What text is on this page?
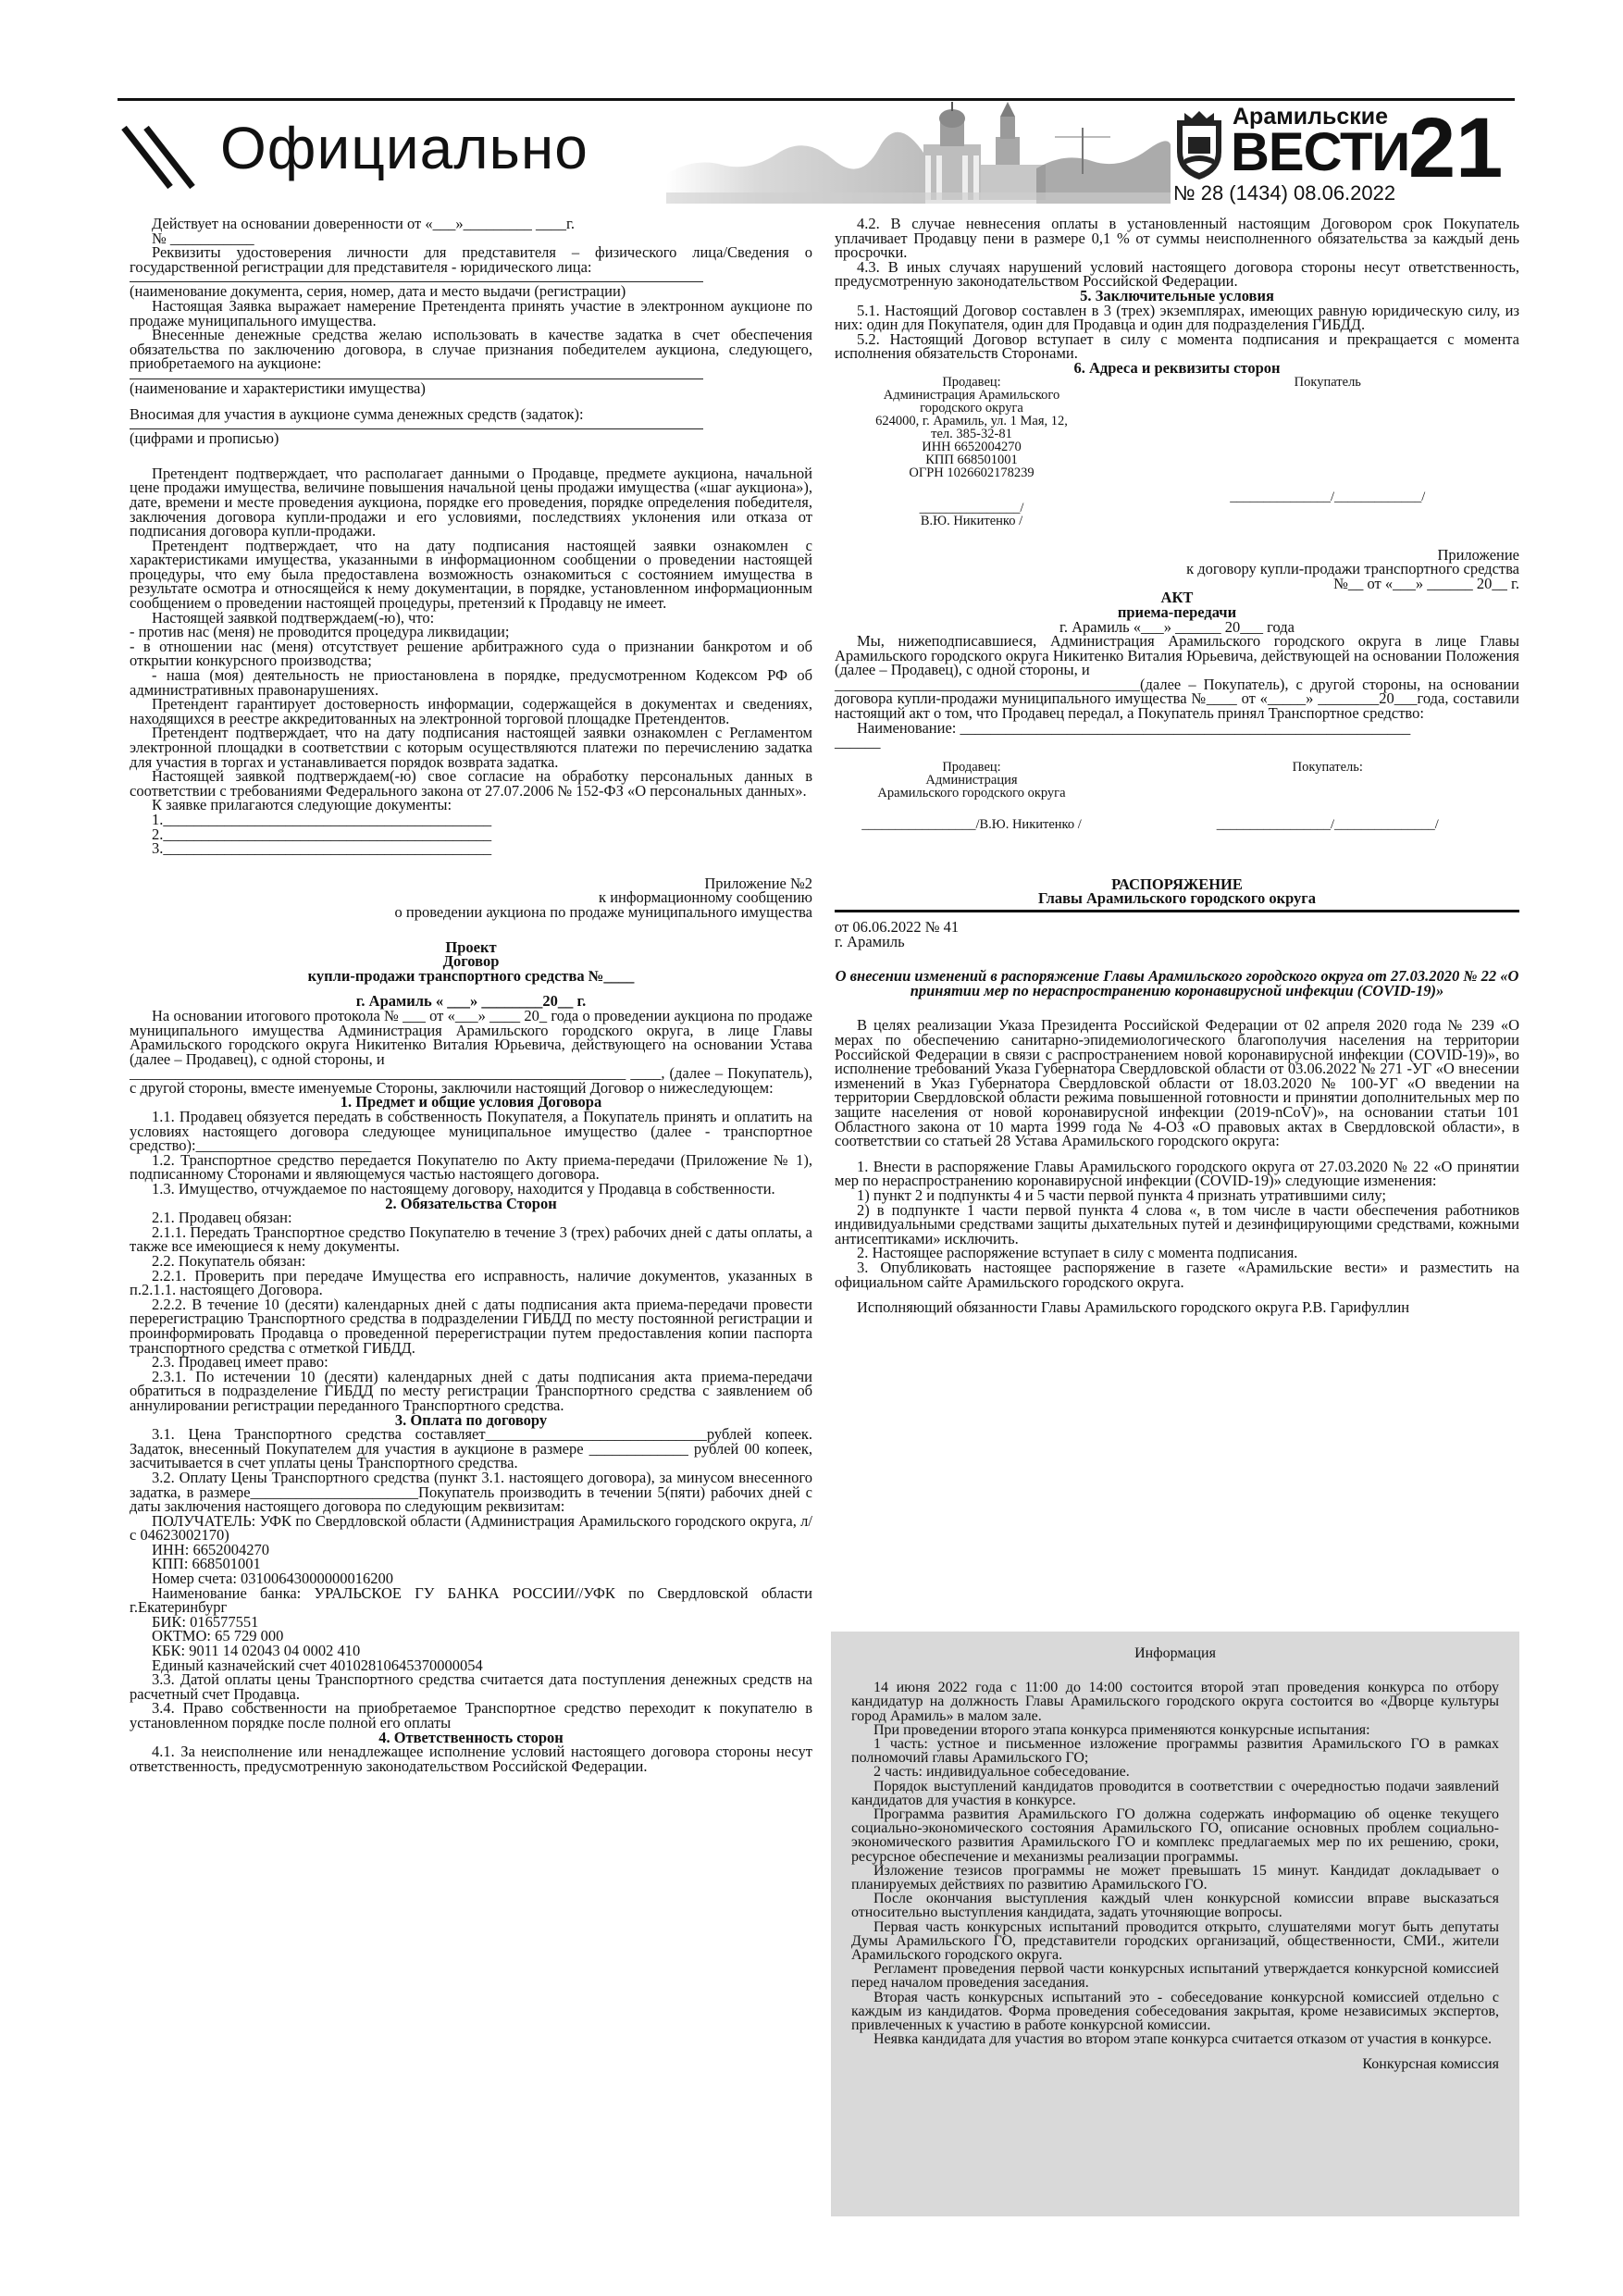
Официально	Арамильские
ВЕСТИ
21
№ 28 (1434) 08.06.2022

Действует на основании доверенности от «___»_________ ____г.

№ ___________

Реквизиты удостоверения личности для представителя – физического лица/Сведения о государственной регистрации для представителя - юридического лица:

(наименование документа, серия, номер, дата и место выдачи (регистрации)

Настоящая Заявка выражает намерение Претендента принять участие в электронном аукционе по продаже муниципального имущества.

Внесенные денежные средства желаю использовать в качестве задатка в счет обеспечения обязательства по заключению договора, в случае признания победителем аукциона, следующего, приобретаемого на аукционе:

(наименование и характеристики имущества)

Вносимая для участия в аукционе сумма денежных средств (задаток):

(цифрами и прописью)

Претендент подтверждает, что располагает данными о Продавце, предмете аукциона, начальной цене продажи имущества, величине повышения начальной цены продажи имущества («шаг аукциона»), дате, времени и месте проведения аукциона, порядке его проведения, порядке определения победителя, заключения договора купли-продажи и его условиями, последствиях уклонения или отказа от подписания договора купли-продажи.

Претендент подтверждает, что на дату подписания настоящей заявки ознакомлен с характеристиками имущества, указанными в информационном сообщении о проведении настоящей процедуры, что ему была предоставлена возможность ознакомиться с состоянием имущества в результате осмотра и относящейся к нему документации, в порядке, установленном информационным сообщением о проведении настоящей процедуры, претензий к Продавцу не имеет.

Настоящей заявкой подтверждаем(-ю), что:

- против нас (меня) не проводится процедура ликвидации;

- в отношении нас (меня) отсутствует решение арбитражного суда о признании банкротом и об открытии конкурсного производства;

- наша (моя) деятельность не приостановлена в порядке, предусмотренном Кодексом РФ об административных правонарушениях.

Претендент гарантирует достоверность информации, содержащейся в документах и сведениях, находящихся в реестре аккредитованных на электронной торговой площадке Претендентов.

Претендент подтверждает, что на дату подписания настоящей заявки ознакомлен с Регламентом электронной площадки в соответствии с которым осуществляются платежи по перечислению задатка для участия в торгах и устанавливается порядок возврата задатка.

Настоящей заявкой подтверждаем(-ю) свое согласие на обработку персональных данных в соответствии с требованиями Федерального закона от 27.07.2006 № 152-ФЗ «О персональных данных».

К заявке прилагаются следующие документы:

1.___________________________________________

2.___________________________________________

3.___________________________________________

Приложение №2

к информационному сообщению

о проведении аукциона по продаже муниципального имущества

Проект

Договор

купли-продажи транспортного средства №____

г. Арамиль « ___» ________20__ г.

На основании итогового протокола № ___ от «___» ____ 20_ года о проведении аукциона по продаже муниципального имущества Администрация Арамильского городского округа, в лице Главы Арамильского городского округа Никитенко Виталия Юрьевича, действующего на основании Устава (далее – Продавец), с одной стороны, и

_________________________________________________________________ ____, (далее – Покупатель), с другой стороны, вместе именуемые Стороны, заключили настоящий Договор о нижеследующем:

1. Предмет и общие условия Договора

1.1. Продавец обязуется передать в собственность Покупателя, а Покупатель принять и оплатить на условиях настоящего договора следующее муниципальное имущество (далее - транспортное средство):_______________________

1.2. Транспортное средство передается Покупателю по Акту приема-передачи (Приложение № 1), подписанному Сторонами и являющемуся частью настоящего договора.

1.3. Имущество, отчуждаемое по настоящему договору, находится у Продавца в собственности.

2. Обязательства Сторон

2.1. Продавец обязан:

2.1.1. Передать Транспортное средство Покупателю в течение 3 (трех) рабочих дней с даты оплаты, а также все имеющиеся к нему документы.

2.2. Покупатель обязан:

2.2.1. Проверить при передаче Имущества его исправность, наличие документов, указанных в п.2.1.1. настоящего Договора.

2.2.2. В течение 10 (десяти) календарных дней с даты подписания акта приема-передачи провести перерегистрацию Транспортного средства в подразделении ГИБДД по месту постоянной регистрации и проинформировать Продавца о проведенной перерегистрации путем предоставления копии паспорта транспортного средства с отметкой ГИБДД.

2.3. Продавец имеет право:

2.3.1. По истечении 10 (десяти) календарных дней с даты подписания акта приема-передачи обратиться в подразделение ГИБДД по месту регистрации Транспортного средства с заявлением об аннулировании регистрации переданного Транспортного средства.

3. Оплата по договору

3.1. Цена Транспортного средства составляет_____________________________рублей копеек. Задаток, внесенный Покупателем для участия в аукционе в размере _____________ рублей 00 копеек, засчитывается в счет уплаты цены Транспортного средства.

3.2. Оплату Цены Транспортного средства (пункт 3.1. настоящего договора), за минусом внесенного задатка, в размере______________________Покупатель производить в течении 5(пяти) рабочих дней с даты заключения настоящего договора по следующим реквизитам:

ПОЛУЧАТЕЛЬ: УФК по Свердловской области (Администрация Арамильского городского округа, л/с 04623002170)

ИНН: 6652004270

КПП: 668501001

Номер счета: 03100643000000016200

Наименование банка: УРАЛЬСКОЕ ГУ БАНКА РОССИИ//УФК по Свердловской области г.Екатеринбург

БИК: 016577551

ОКТМО: 65 729 000

КБК: 9011 14 02043 04 0002 410

Единый казначейский счет 40102810645370000054

3.3. Датой оплаты цены Транспортного средства считается дата поступления денежных средств на расчетный счет Продавца.

3.4. Право собственности на приобретаемое Транспортное средство переходит к покупателю в установленном порядке после полной его оплаты

4. Ответственность сторон

4.1. За неисполнение или ненадлежащее исполнение условий настоящего договора стороны несут ответственность, предусмотренную законодательством Российской Федерации.

4.2. В случае невнесения оплаты в установленный настоящим Договором срок Покупатель уплачивает Продавцу пени в размере 0,1 % от суммы неисполненного обязательства за каждый день просрочки.

4.3. В иных случаях нарушений условий настоящего договора стороны несут ответственность, предусмотренную законодательством Российской Федерации.

5. Заключительные условия

5.1. Настоящий Договор составлен в 3 (трех) экземплярах, имеющих равную юридическую силу, из них: один для Покупателя, один для Продавца и один для подразделения ГИБДД.

5.2. Настоящий Договор вступает в силу с момента подписания и прекращается с момента исполнения обязательств Сторонами.

6. Адреса и реквизиты сторон

Продавец:
Администрация Арамильского
городского округа
624000, г. Арамиль, ул. 1 Мая, 12,
тел. 385-32-81
ИНН 6652004270
КПП 668501001
ОГРН 1026602178239
_______________/
В.Ю. Никитенко /
Покупатель
_______________/_____________/

Приложение

к договору купли-продажи транспортного средства

№__ от «___» ______ 20__ г.

АКТ

приема-передачи

г. Арамиль «___» ______ 20___ года

Мы, нижеподписавшиеся, Администрация Арамильского городского округа в лице Главы Арамильского городского округа Никитенко Виталия Юрьевича, действующей на основании Положения (далее – Продавец), с одной стороны, и

________________________________________(далее – Покупатель), с другой стороны, на основании договора купли-продажи муниципального имущества №____ от «_____» ________20___года, составили настоящий акт о том, что Продавец передал, а Покупатель принял Транспортное средство:

Наименование: ___________________________________________________________

______

Продавец:
Администрация
Арамильского городского округа
_________________/В.Ю. Никитенко /
Покупатель:
_________________/_______________/

РАСПОРЯЖЕНИЕ

Главы Арамильского городского округа

от 06.06.2022 № 41

г. Арамиль

О внесении изменений в распоряжение Главы Арамильского городского округа от 27.03.2020 № 22 «О принятии мер по нераспространению коронавирусной инфекции (COVID-19)»

В целях реализации Указа Президента Российской Федерации от 02 апреля 2020 года № 239 «О мерах по обеспечению санитарно-эпидемиологического благополучия населения на территории Российской Федерации в связи с распространением новой коронавирусной инфекции (COVID-19)», во исполнение требований Указа Губернатора Свердловской области от 03.06.2022 № 271 -УГ «О внесении изменений в Указ Губернатора Свердловской области от 18.03.2020 № 100-УГ «О введении на территории Свердловской области режима повышенной готовности и принятии дополнительных мер по защите населения от новой коронавирусной инфекции (2019-nCoV)», на основании статьи 101 Областного закона от 10 марта 1999 года № 4-ОЗ «О правовых актах в Свердловской области», в соответствии со статьей 28 Устава Арамильского городского округа:

1. Внести в распоряжение Главы Арамильского городского округа от 27.03.2020 № 22 «О принятии мер по нераспространению коронавирусной инфекции (COVID-19)» следующие изменения:

1) пункт 2 и подпункты 4 и 5 части первой пункта 4 признать утратившими силу;

2) в подпункте 1 части первой пункта 4 слова «, в том числе в части обеспечения работников индивидуальными средствами защиты дыхательных путей и дезинфицирующими средствами, кожными антисептиками» исключить.

2. Настоящее распоряжение вступает в силу с момента подписания.

3. Опубликовать настоящее распоряжение в газете «Арамильские вести» и разместить на официальном сайте Арамильского городского округа.

Исполняющий обязанности Главы Арамильского городского округа Р.В. Гарифуллин

Информация

14 июня 2022 года с 11:00 до 14:00 состоится второй этап проведения конкурса по отбору кандидатур на должность Главы Арамильского городского округа состоится во «Дворце культуры город Арамиль» в малом зале.

При проведении второго этапа конкурса применяются конкурсные испытания:

1 часть: устное и письменное изложение программы развития Арамильского ГО в рамках полномочий главы Арамильского ГО;

2 часть: индивидуальное собеседование.

Порядок выступлений кандидатов проводится в соответствии с очередностью подачи заявлений кандидатов для участия в конкурсе.

Программа развития Арамильского ГО должна содержать информацию об оценке текущего социально-экономического состояния Арамильского ГО, описание основных проблем социально-экономического развития Арамильского ГО и комплекс предлагаемых мер по их решению, сроки, ресурсное обеспечение и механизмы реализации программы.

Изложение тезисов программы не может превышать 15 минут. Кандидат докладывает о планируемых действиях по развитию Арамильского ГО.

После окончания выступления каждый член конкурсной комиссии вправе высказаться относительно выступления кандидата, задать уточняющие вопросы.

Первая часть конкурсных испытаний проводится открыто, слушателями могут быть депутаты Думы Арамильского ГО, представители городских организаций, общественности, СМИ., жители Арамильского городского округа.

Регламент проведения первой части конкурсных испытаний утверждается конкурсной комиссией перед началом проведения заседания.

Вторая часть конкурсных испытаний это - собеседование конкурсной комиссией отдельно с каждым из кандидатов. Форма проведения собеседования закрытая, кроме независимых экспертов, привлеченных к участию в работе конкурсной комиссии.

Неявка кандидата для участия во втором этапе конкурса считается отказом от участия в конкурсе.

Конкурсная комиссия
